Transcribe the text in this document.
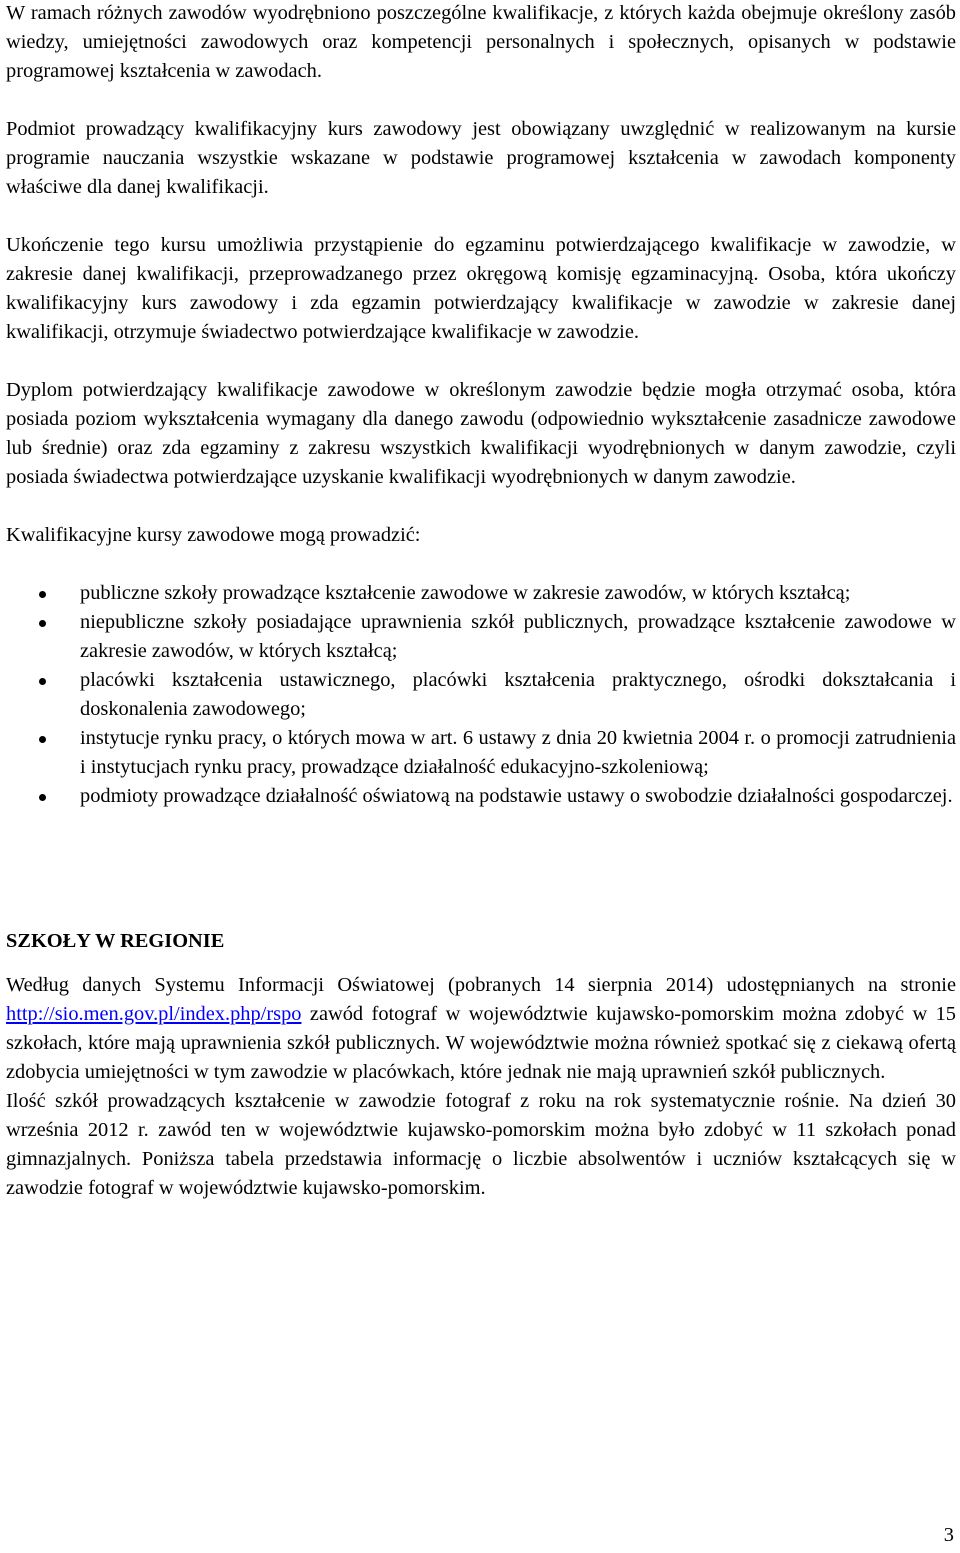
W ramach różnych zawodów wyodrębniono poszczególne kwalifikacje, z których każda obejmuje określony zasób wiedzy, umiejętności zawodowych oraz kompetencji personalnych i społecznych, opisanych w podstawie programowej kształcenia w zawodach.

Podmiot prowadzący kwalifikacyjny kurs zawodowy jest obowiązany uwzględnić w realizowanym na kursie programie nauczania wszystkie wskazane w podstawie programowej kształcenia w zawodach komponenty właściwe dla danej kwalifikacji.

Ukończenie tego kursu umożliwia przystąpienie do egzaminu potwierdzającego kwalifikacje w zawodzie, w zakresie danej kwalifikacji, przeprowadzanego przez okręgową komisję egzaminacyjną. Osoba, która ukończy kwalifikacyjny kurs zawodowy i zda egzamin potwierdzający kwalifikacje w zawodzie w zakresie danej kwalifikacji, otrzymuje świadectwo potwierdzające kwalifikacje w zawodzie.

Dyplom potwierdzający kwalifikacje zawodowe w określonym zawodzie będzie mogła otrzymać osoba, która posiada poziom wykształcenia wymagany dla danego zawodu (odpowiednio wykształcenie zasadnicze zawodowe lub średnie) oraz zda egzaminy z zakresu wszystkich kwalifikacji wyodrębnionych w danym zawodzie, czyli posiada świadectwa potwierdzające uzyskanie kwalifikacji wyodrębnionych w danym zawodzie.

Kwalifikacyjne kursy zawodowe mogą prowadzić:

publiczne szkoły prowadzące kształcenie zawodowe w zakresie zawodów, w których kształcą;
niepubliczne szkoły posiadające uprawnienia szkół publicznych, prowadzące kształcenie zawodowe w zakresie zawodów, w których kształcą;
placówki kształcenia ustawicznego, placówki kształcenia praktycznego, ośrodki dokształcania i doskonalenia zawodowego;
instytucje rynku pracy, o których mowa w art. 6 ustawy z dnia 20 kwietnia 2004 r. o promocji zatrudnienia i instytucjach rynku pracy, prowadzące działalność edukacyjno-szkoleniową;
podmioty prowadzące działalność oświatową na podstawie ustawy o swobodzie działalności gospodarczej.

SZKOŁY W REGIONIE

Według danych Systemu Informacji Oświatowej (pobranych 14 sierpnia 2014) udostępnianych na stronie http://sio.men.gov.pl/index.php/rspo zawód fotograf w województwie kujawsko-pomorskim można zdobyć w 15 szkołach, które mają uprawnienia szkół publicznych. W województwie można również spotkać się z ciekawą ofertą zdobycia umiejętności w tym zawodzie w placówkach, które jednak nie mają uprawnień szkół publicznych.

Ilość szkół prowadzących kształcenie w zawodzie fotograf z roku na rok systematycznie rośnie. Na dzień 30 września 2012 r. zawód ten w województwie kujawsko-pomorskim można było zdobyć w 11 szkołach ponad gimnazjalnych. Poniższa tabela przedstawia informację o liczbie absolwentów i uczniów kształcących się w zawodzie fotograf w województwie kujawsko-pomorskim.

3
